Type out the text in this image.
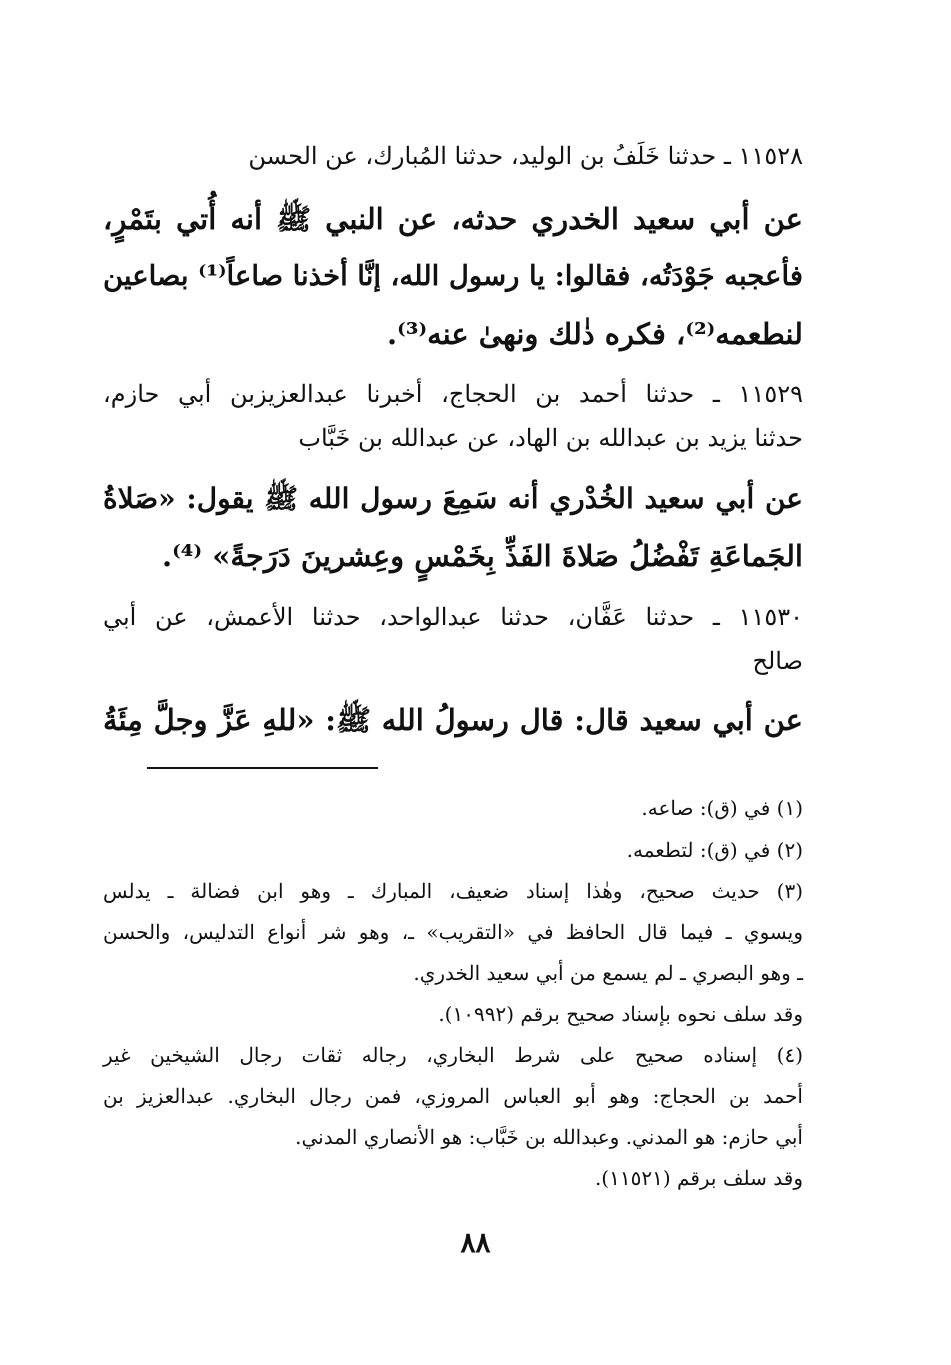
١١٥٢٨ ـ حدثنا خَلَفُ بن الوليد، حدثنا المُبارك، عن الحسن
عن أبي سعيد الخدري حدثه، عن النبي ﷺ أنه أُتي بتَمْرٍ،
فأعجبه جَوْدَتُه، فقالوا: يا رسول الله، إنَّا أخذنا صاعاً⁽¹⁾ بصاعين
لنطعمه⁽²⁾، فكره ذٰلك ونهىٰ عنه⁽³⁾.
١١٥٢٩ ـ حدثنا أحمد بن الحجاج، أخبرنا عبدالعزيزبن أبي حازم،
حدثنا يزيد بن عبدالله بن الهاد، عن عبدالله بن خَبَّاب
عن أبي سعيد الخُدْري أنه سَمِعَ رسول الله ﷺ يقول: «صَلاةُ
الجَماعَةِ تَفْضُلُ صَلاةَ الفَذِّ بِخَمْسٍ وعِشرينَ دَرَجةً» ⁽⁴⁾.
١١٥٣٠ ـ حدثنا عَفَّان، حدثنا عبدالواحد، حدثنا الأعمش، عن أبي
صالح
عن أبي سعيد قال: قال رسولُ الله ﷺ: «للهِ عَزَّ وجلَّ مِئَةُ
(١) في (ق): صاعه.
(٢) في (ق): لتطعمه.
(٣) حديث صحيح، وهٰذا إسناد ضعيف، المبارك ـ وهو ابن فضالة ـ يدلس
ويسوي ـ فيما قال الحافظ في «التقريب» ـ، وهو شر أنواع التدليس، والحسن
ـ وهو البصري ـ لم يسمع من أبي سعيد الخدري.
وقد سلف نحوه بإسناد صحيح برقم (١٠٩٩٢).
(٤) إسناده صحيح على شرط البخاري، رجاله ثقات رجال الشيخين غير
أحمد بن الحجاج: وهو أبو العباس المروزي، فمن رجال البخاري. عبدالعزيز بن
أبي حازم: هو المدني. وعبدالله بن خَبَّاب: هو الأنصاري المدني.
وقد سلف برقم (١١٥٢١).
٨٨
